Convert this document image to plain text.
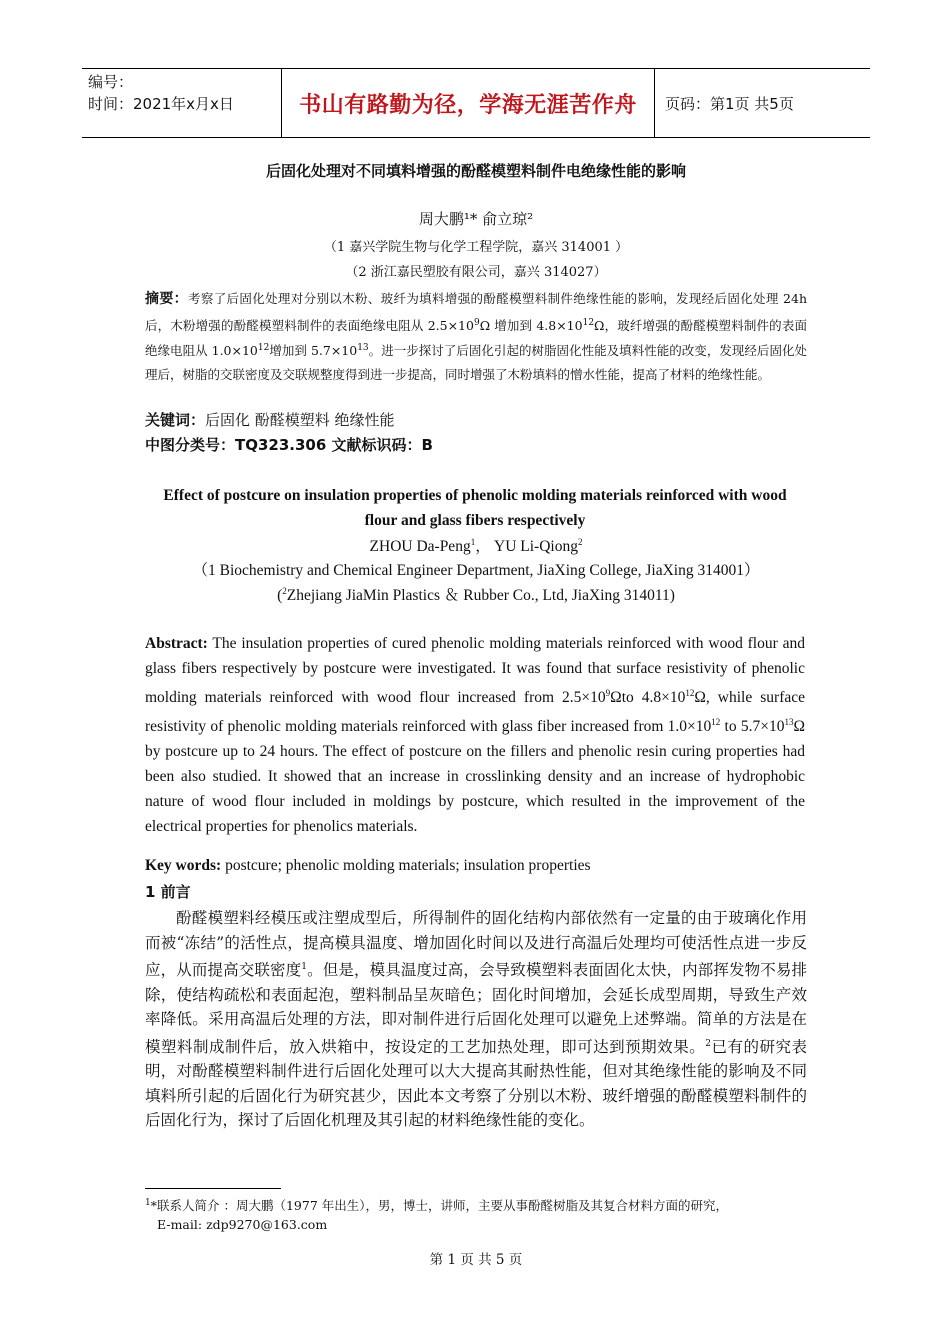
编号：
时间：2021年x月x日	书山有路勤为径，学海无涯苦作舟	页码：第1页 共5页
后固化处理对不同填料增强的酚醛模塑料制件电绝缘性能的影响
周大鹏¹* 俞立琼²
（1 嘉兴学院生物与化学工程学院，嘉兴 314001 ）
（2 浙江嘉民塑胶有限公司，嘉兴 314027）
摘要：考察了后固化处理对分别以木粉、玻纤为填料增强的酚醛模塑料制件绝缘性能的影响，发现经后固化处理 24h 后，木粉增强的酚醛模塑料制件的表面绝缘电阻从 $2.5\times 10^9\Omega$ 增加到 $4.8\times 10^{12}\Omega$，玻纤增强的酚醛模塑料制件的表面绝缘电阻从 $1.0\times 10^{12}$增加到 $5.7\times 10^{13}$。进一步探讨了后固化引起的树脂固化性能及填料性能的改变，发现经后固化处理后，树脂的交联密度及交联规整度得到进一步提高，同时增强了木粉填料的憎水性能，提高了材料的绝缘性能。
关键词：后固化 酚醛模塑料 绝缘性能
中图分类号：TQ323.306 文献标识码：B
Effect of postcure on insulation properties of phenolic molding materials reinforced with wood flour and glass fibers respectively
ZHOU Da-Peng$^1$， YU Li-Qiong$^2$
（1 Biochemistry and Chemical Engineer Department, JiaXing College, JiaXing 314001）
($^2$Zhejiang JiaMin Plastics ＆ Rubber Co., Ltd, JiaXing 314011)
Abstract: The insulation properties of cured phenolic molding materials reinforced with wood flour and glass fibers respectively by postcure were investigated. It was found that surface resistivity of phenolic molding materials reinforced with wood flour increased from $2.5\times 10^9\Omega to$ $4.8\times 10^{12}\Omega$, while surface resistivity of phenolic molding materials reinforced with glass fiber increased from $1.0\times 10^{12}$ to $5.7\times 10^{13}\Omega$ by postcure up to 24 hours. The effect of postcure on the fillers and phenolic resin curing properties had been also studied. It showed that an increase in crosslinking density and an increase of hydrophobic nature of wood flour included in moldings by postcure, which resulted in the improvement of the electrical properties for phenolics materials.
Key words: postcure; phenolic molding materials; insulation properties
1 前言
酚醛模塑料经模压或注塑成型后，所得制件的固化结构内部依然有一定量的由于玻璃化作用而被“冻结”的活性点，提高模具温度、增加固化时间以及进行高温后处理均可使活性点进一步反应，从而提高交联密度$^1$。但是，模具温度过高，会导致模塑料表面固化太快，内部挥发物不易排除，使结构疏松和表面起泡，塑料制品呈灰暗色；固化时间增加，会延长成型周期，导致生产效率降低。采用高温后处理的方法，即对制件进行后固化处理可以避免上述弊端。简单的方法是在模塑料制成制件后，放入烘箱中，按设定的工艺加热处理，即可达到预期效果。$^2$已有的研究表明，对酚醛模塑料制件进行后固化处理可以大大提高其耐热性能，但对其绝缘性能的影响及不同填料所引起的后固化行为研究甚少，因此本文考察了分别以木粉、玻纤增强的酚醛模塑料制件的后固化行为，探讨了后固化机理及其引起的材料绝缘性能的变化。
$^1$*联系人简介 ：周大鹏（1977 年出生），男，博士，讲师，主要从事酚醛树脂及其复合材料方面的研究，
E-mail: zdp9270@163.com
第 1 页 共 5 页
